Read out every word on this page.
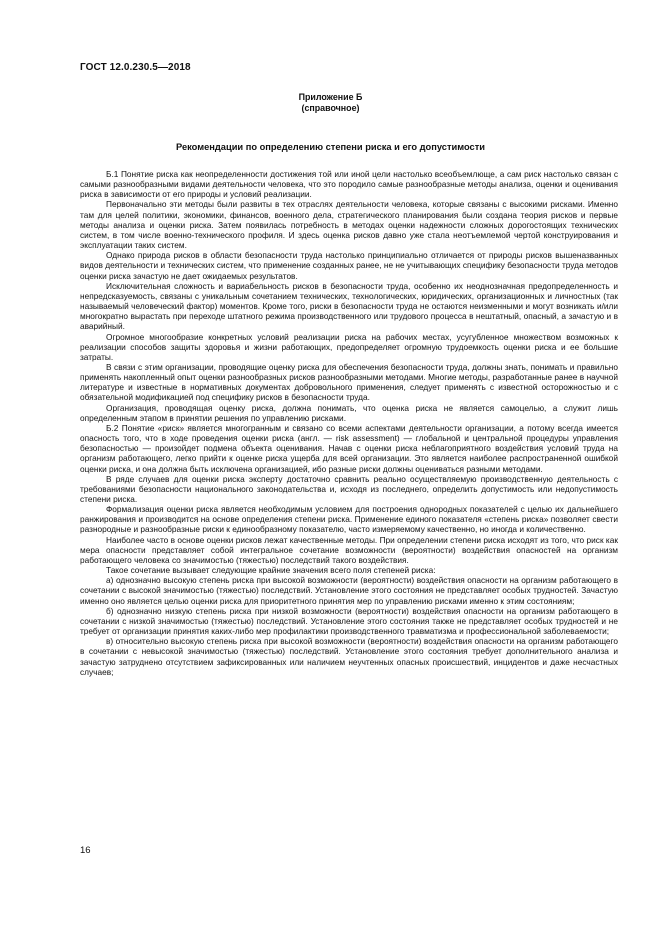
ГОСТ 12.0.230.5—2018
Приложение Б
(справочное)
Рекомендации по определению степени риска и его допустимости

Б.1 Понятие риска как неопределенности достижения той или иной цели настолько всеобъемлюще, а сам риск настолько связан с самыми разнообразными видами деятельности человека, что это породило самые разнообразные методы анализа, оценки и оценивания риска в зависимости от его природы и условий реализации.

Первоначально эти методы были развиты в тех отраслях деятельности человека, которые связаны с высокими рисками. Именно там для целей политики, экономики, финансов, военного дела, стратегического планирования были создана теория рисков и первые методы анализа и оценки риска. Затем появилась потребность в методах оценки надежности сложных дорогостоящих технических систем, в том числе военно-технического профиля. И здесь оценка рисков давно уже стала неотъемлемой чертой конструирования и эксплуатации таких систем.

Однако природа рисков в области безопасности труда настолько принципиально отличается от природы рисков вышеназванных видов деятельности и технических систем, что применение созданных ранее, не не учитывающих специфику безопасности труда методов оценки риска зачастую не дает ожидаемых результатов.

Исключительная сложность и вариабельность рисков в безопасности труда, особенно их неоднозначная предопределенность и непредсказуемость, связаны с уникальным сочетанием технических, технологических, юридических, организационных и личностных (так называемый человеческий фактор) моментов. Кроме того, риски в безопасности труда не остаются неизменными и могут возникать и/или многократно вырастать при переходе штатного режима производственного или трудового процесса в нештатный, опасный, а зачастую и в аварийный.

Огромное многообразие конкретных условий реализации риска на рабочих местах, усугубленное множеством возможных к реализации способов защиты здоровья и жизни работающих, предопределяет огромную трудоемкость оценки риска и ее большие затраты.

В связи с этим организации, проводящие оценку риска для обеспечения безопасности труда, должны знать, понимать и правильно применять накопленный опыт оценки разнообразных рисков разнообразными методами. Многие методы, разработанные ранее в научной литературе и известные в нормативных документах добровольного применения, следует применять с известной осторожностью и с обязательной модификацией под специфику рисков в безопасности труда.

Организация, проводящая оценку риска, должна понимать, что оценка риска не является самоцелью, а служит лишь определенным этапом в принятии решения по управлению рисками.

Б.2 Понятие «риск» является многогранным и связано со всеми аспектами деятельности организации, а потому всегда имеется опасность того, что в ходе проведения оценки риска (англ. — risk assessment) — глобальной и центральной процедуры управления безопасностью — произойдет подмена объекта оценивания. Начав с оценки риска неблагоприятного воздействия условий труда на организм работающего, легко прийти к оценке риска ущерба для всей организации. Это является наиболее распространенной ошибкой оценки риска, и она должна быть исключена организацией, ибо разные риски должны оцениваться разными методами.

В ряде случаев для оценки риска эксперту достаточно сравнить реально осуществляемую производственную деятельность с требованиями безопасности национального законодательства и, исходя из последнего, определить допустимость или недопустимость степени риска.

Формализация оценки риска является необходимым условием для построения однородных показателей с целью их дальнейшего ранжирования и производится на основе определения степени риска. Применение единого показателя «степень риска» позволяет свести разнородные и разнообразные риски к единообразному показателю, часто измеряемому качественно, но иногда и количественно.

Наиболее часто в основе оценки рисков лежат качественные методы. При определении степени риска исходят из того, что риск как мера опасности представляет собой интегральное сочетание возможности (вероятности) воздействия опасностей на организм работающего человека со значимостью (тяжестью) последствий такого воздействия.

Такое сочетание вызывает следующие крайние значения всего поля степеней риска:

а) однозначно высокую степень риска при высокой возможности (вероятности) воздействия опасности на организм работающего в сочетании с высокой значимостью (тяжестью) последствий. Установление этого состояния не представляет особых трудностей. Зачастую именно оно является целью оценки риска для приоритетного принятия мер по управлению рисками именно к этим состояниям;

б) однозначно низкую степень риска при низкой возможности (вероятности) воздействия опасности на организм работающего в сочетании с низкой значимостью (тяжестью) последствий. Установление этого состояния также не представляет особых трудностей и не требует от организации принятия каких-либо мер профилактики производственного травматизма и профессиональной заболеваемости;

в) относительно высокую степень риска при высокой возможности (вероятности) воздействия опасности на организм работающего в сочетании с невысокой значимостью (тяжестью) последствий. Установление этого состояния требует дополнительного анализа и зачастую затруднено отсутствием зафиксированных или наличием неучтенных опасных происшествий, инцидентов и даже несчастных случаев;

16
